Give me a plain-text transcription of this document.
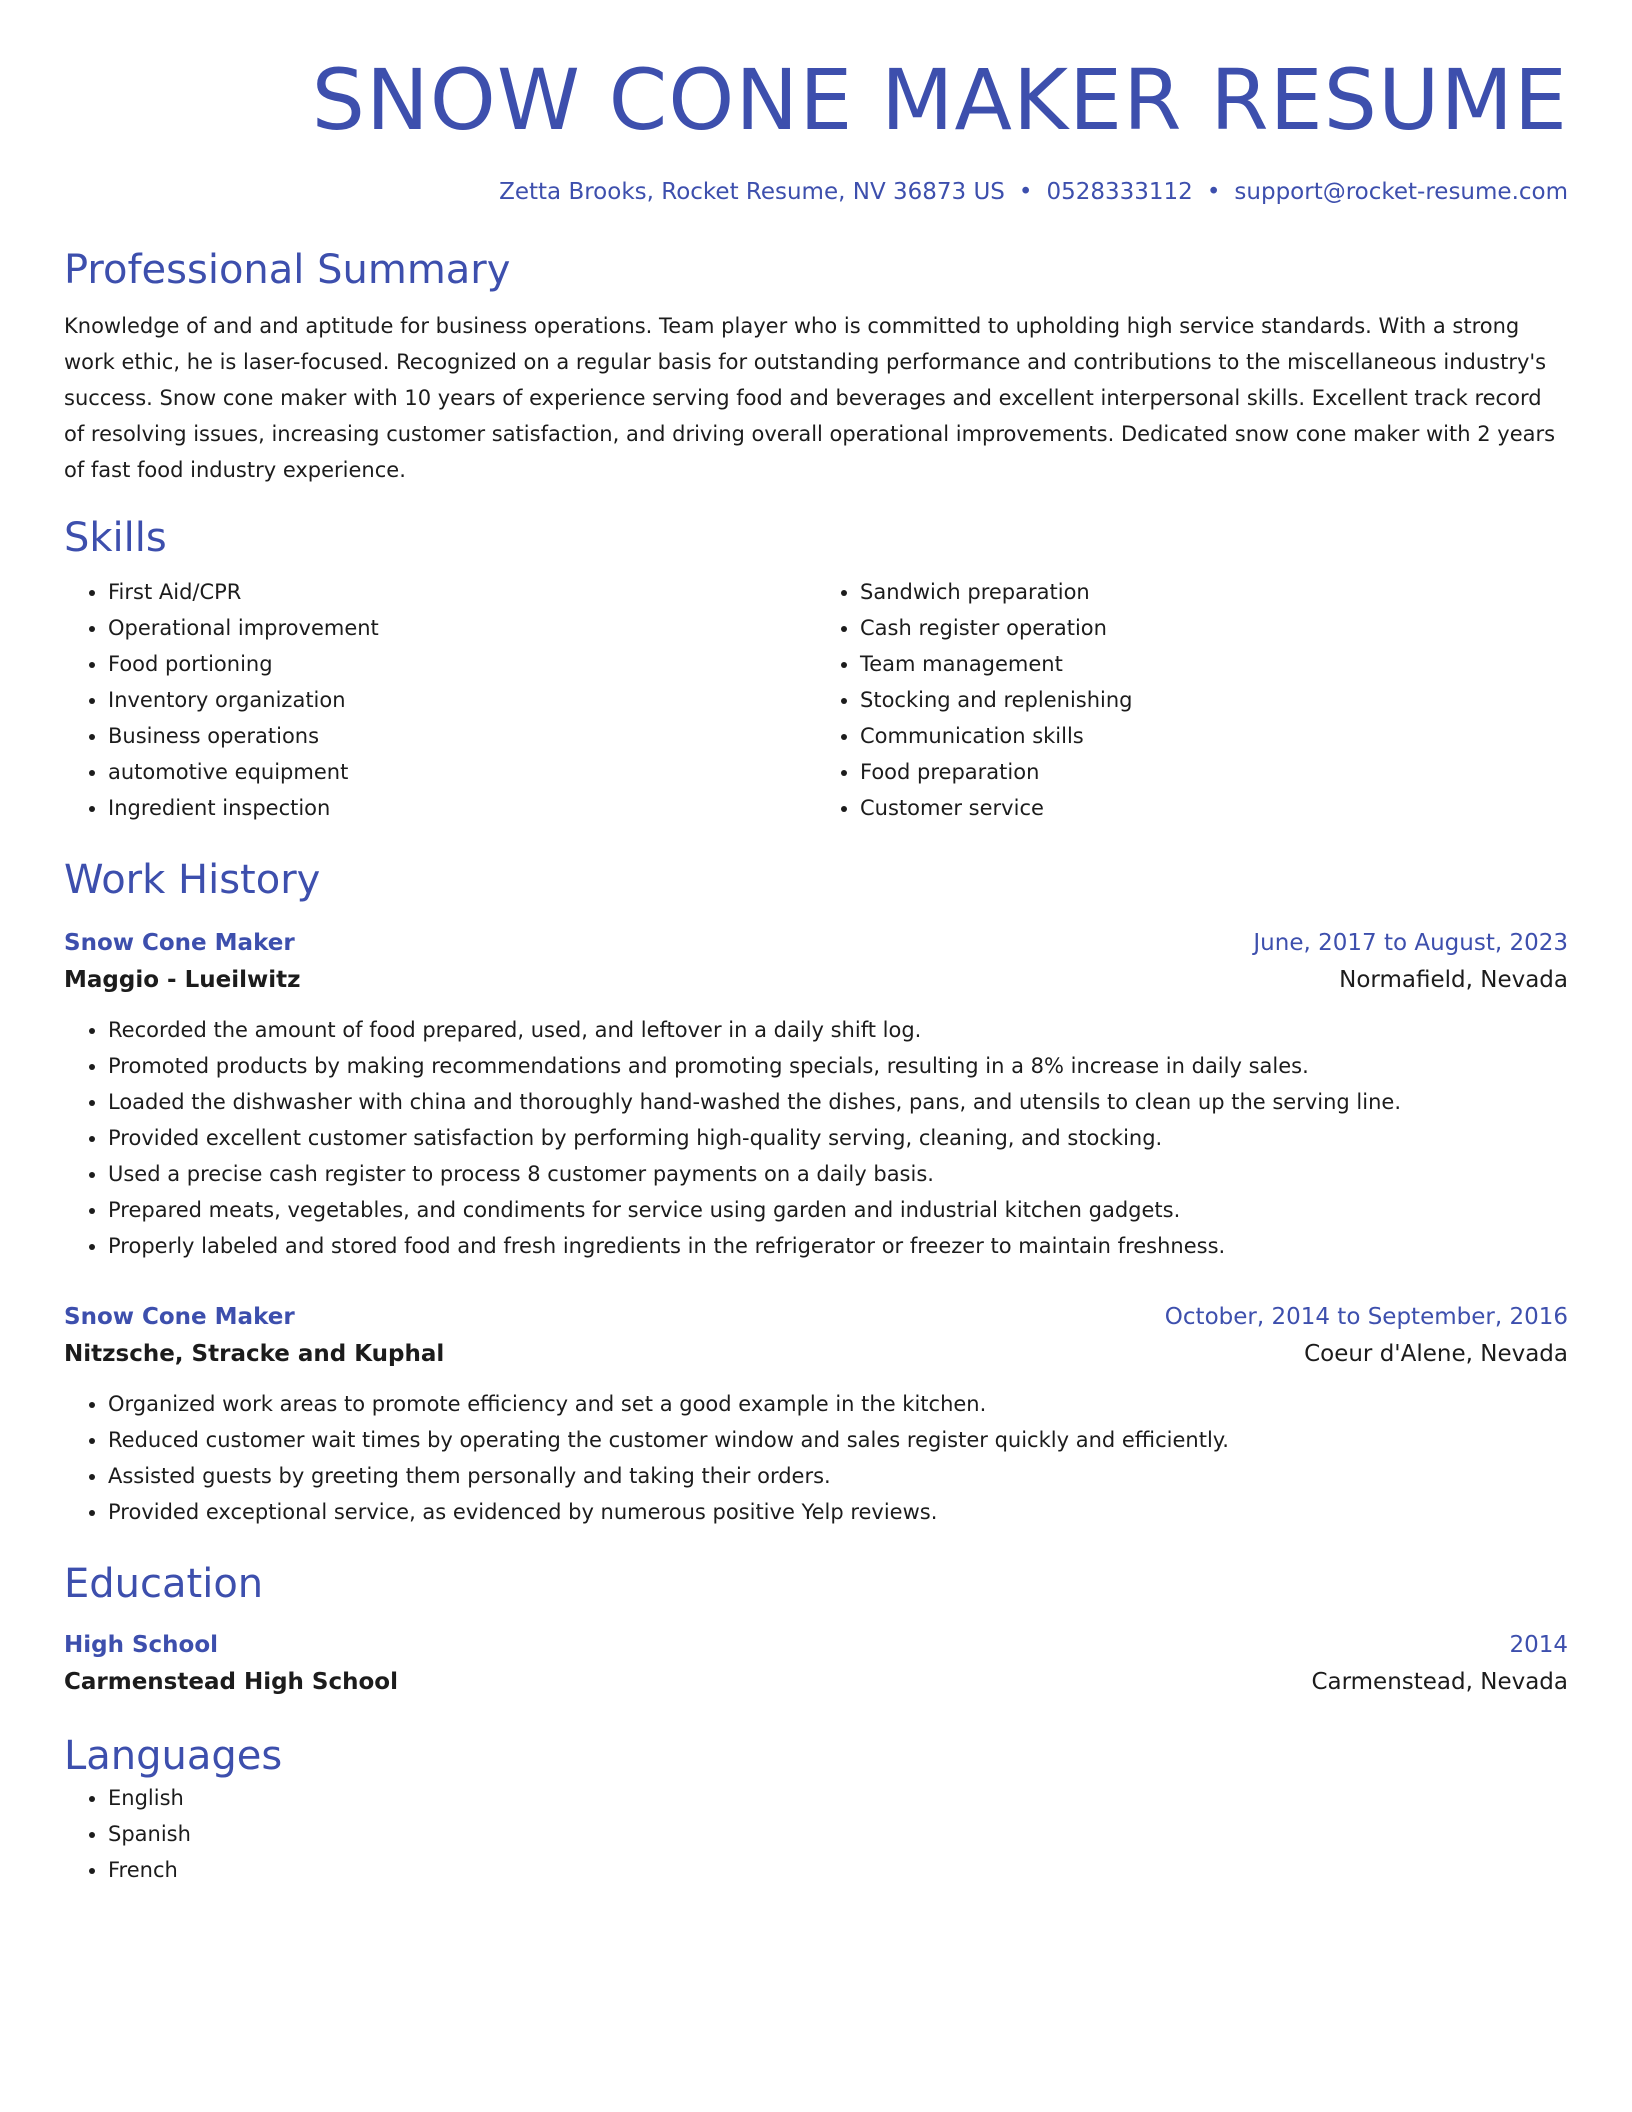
SNOW CONE MAKER RESUME
Zetta Brooks, Rocket Resume, NV 36873 US • 0528333112 • support@rocket-resume.com
Professional Summary
Knowledge of and and aptitude for business operations. Team player who is committed to upholding high service standards. With a strong work ethic, he is laser-focused. Recognized on a regular basis for outstanding performance and contributions to the miscellaneous industry's success. Snow cone maker with 10 years of experience serving food and beverages and excellent interpersonal skills. Excellent track record of resolving issues, increasing customer satisfaction, and driving overall operational improvements. Dedicated snow cone maker with 2 years of fast food industry experience.
Skills
• First Aid/CPR
• Operational improvement
• Food portioning
• Inventory organization
• Business operations
• automotive equipment
• Ingredient inspection
• Sandwich preparation
• Cash register operation
• Team management
• Stocking and replenishing
• Communication skills
• Food preparation
• Customer service
Work History
Snow Cone Maker	June, 2017 to August, 2023
Maggio - Lueilwitz	Normafield, Nevada
• Recorded the amount of food prepared, used, and leftover in a daily shift log.
• Promoted products by making recommendations and promoting specials, resulting in a 8% increase in daily sales.
• Loaded the dishwasher with china and thoroughly hand-washed the dishes, pans, and utensils to clean up the serving line.
• Provided excellent customer satisfaction by performing high-quality serving, cleaning, and stocking.
• Used a precise cash register to process 8 customer payments on a daily basis.
• Prepared meats, vegetables, and condiments for service using garden and industrial kitchen gadgets.
• Properly labeled and stored food and fresh ingredients in the refrigerator or freezer to maintain freshness.
Snow Cone Maker	October, 2014 to September, 2016
Nitzsche, Stracke and Kuphal	Coeur d'Alene, Nevada
• Organized work areas to promote efficiency and set a good example in the kitchen.
• Reduced customer wait times by operating the customer window and sales register quickly and efficiently.
• Assisted guests by greeting them personally and taking their orders.
• Provided exceptional service, as evidenced by numerous positive Yelp reviews.
Education
High School	2014
Carmenstead High School	Carmenstead, Nevada
Languages
• English
• Spanish
• French
